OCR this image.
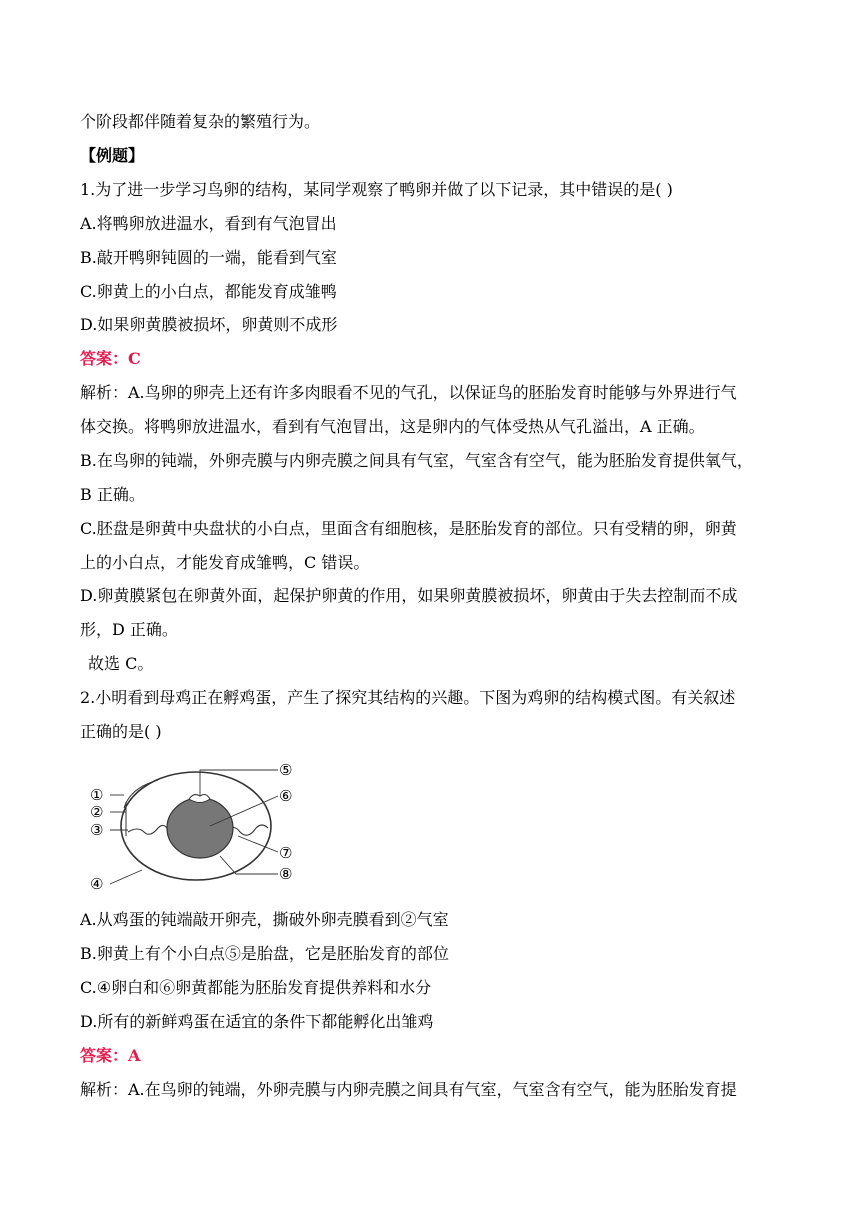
个阶段都伴随着复杂的繁殖行为。
【例题】
1.为了进一步学习鸟卵的结构，某同学观察了鸭卵并做了以下记录，其中错误的是( )
A.将鸭卵放进温水，看到有气泡冒出
B.敲开鸭卵钝圆的一端，能看到气室
C.卵黄上的小白点，都能发育成雏鸭
D.如果卵黄膜被损坏，卵黄则不成形
答案：C
解析：A.鸟卵的卵壳上还有许多肉眼看不见的气孔，以保证鸟的胚胎发育时能够与外界进行气
体交换。将鸭卵放进温水，看到有气泡冒出，这是卵内的气体受热从气孔溢出，A 正确。
B.在鸟卵的钝端，外卵壳膜与内卵壳膜之间具有气室，气室含有空气，能为胚胎发育提供氧气，
B 正确。
C.胚盘是卵黄中央盘状的小白点，里面含有细胞核，是胚胎发育的部位。只有受精的卵，卵黄
上的小白点，才能发育成雏鸭，C 错误。
D.卵黄膜紧包在卵黄外面，起保护卵黄的作用，如果卵黄膜被损坏，卵黄由于失去控制而不成
形，D 正确。
故选 C。
2.小明看到母鸡正在孵鸡蛋，产生了探究其结构的兴趣。下图为鸡卵的结构模式图。有关叙述
正确的是( )
①
②
③
④
⑤
⑥
⑦
⑧
A.从鸡蛋的钝端敲开卵壳，撕破外卵壳膜看到②气室
B.卵黄上有个小白点⑤是胎盘，它是胚胎发育的部位
C.④卵白和⑥卵黄都能为胚胎发育提供养料和水分
D.所有的新鲜鸡蛋在适宜的条件下都能孵化出雏鸡
答案：A
解析：A.在鸟卵的钝端，外卵壳膜与内卵壳膜之间具有气室，气室含有空气，能为胚胎发育提
